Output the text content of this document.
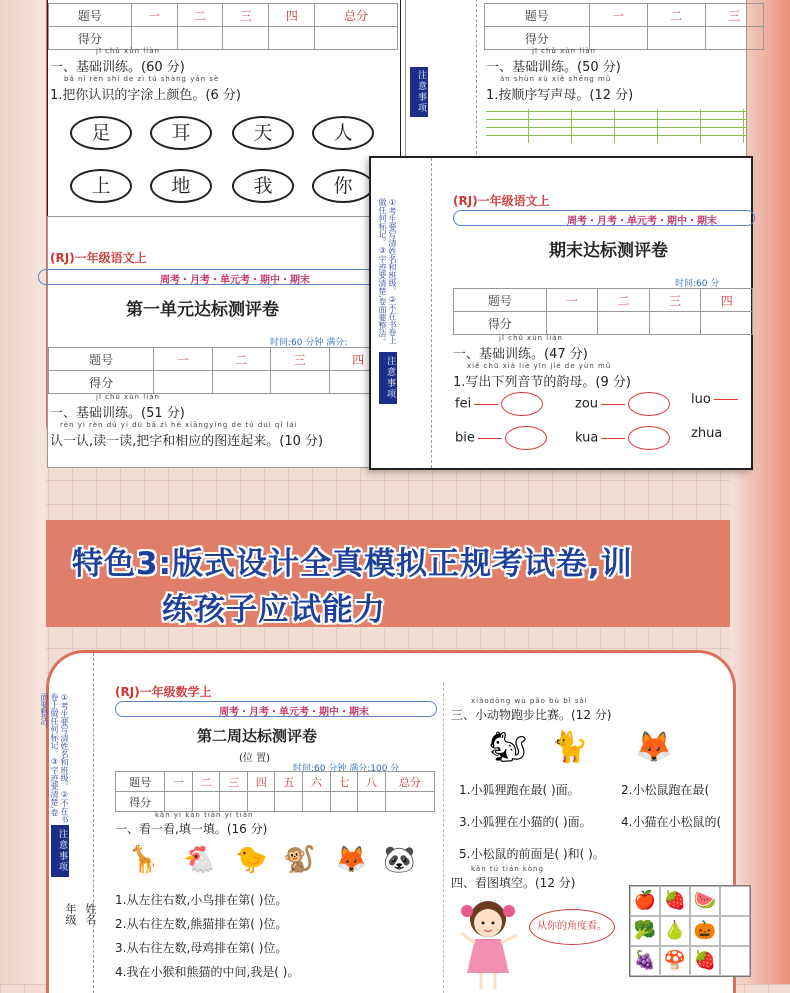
题号	一	二	三	四	总分
得分					
jī chǔ xùn liàn
一、基础训练。(60 分)
bǎ nǐ rèn shí de zì tú shàng yán sè
1.把你认识的字涂上颜色。(6 分)
足	耳	天	人
上	地	我	你
注意事项
题号	一	二	三
得分			
jī chǔ xùn liàn
一、基础训练。(50 分)
àn shùn xù xiě shēng mǔ
1.按顺序写声母。(12 分)
(RJ)一年级语文上
周考・月考・单元考・期中・期末
第一单元达标测评卷
时间:60 分钟 满分:
题号	一	二	三	四
得分				
jī chǔ xùn liàn
一、基础训练。(51 分)
rèn yi rèn dú yi dú bǎ zì hé xiāngyìng de tú duì qǐ lái
认一认,读一读,把字和相应的图连起来。(10 分)
①考生要写清姓名和班级。②不在书卷上做任何标记。③字迹要清楚,卷面要整洁。
注意事项
(RJ)一年级语文上
周考・月考・单元考・期中・期末
期末达标测评卷
时间:60 分
题号	一	二	三	四
得分				
jī chǔ xùn liàn
一、基础训练。(47 分)
xiě chū xià liè yīn jié de yùn mǔ
1.写出下列音节的韵母。(9 分)
fei	zou	luo
bie	kua	zhua
特色3:版式设计全真模拟正规考试卷,训
练孩子应试能力
①考生要写清姓名和班级。②不在书卷上做任何标记。③字迹要清楚,卷面要整洁。
注意事项
年级 姓名
(RJ)一年级数学上
周考・月考・单元考・期中・期末
第二周达标测评卷
(位 置)
时间:60 分钟 满分:100 分
题号	一	二	三	四	五	六	七	八	总分
得分									
kàn yi kàn tián yi tián
一、看一看,填一填。(16 分)
🦒 🐔 🐤 🐒 🦊 🐼
1.从左往右数,小鸟排在第( )位。
2.从右往左数,熊猫排在第( )位。
3.从右往左数,母鸡排在第( )位。
4.我在小猴和熊猫的中间,我是( )。
xiǎodòng wù pǎo bù bǐ sài
三、小动物跑步比赛。(12 分)
🐿 🐈 🦊
1.小狐狸跑在最( )面。	2.小松鼠跑在最(
3.小狐狸在小猫的( )面。 4.小猫在小松鼠的(
5.小松鼠的前面是( )和( )。
kàn tú tián kòng
四、看图填空。(12 分)
从你的角度看。
🍎 🍓 🍉
🥦 🍐 🎃
🍇 🍄 🍓
